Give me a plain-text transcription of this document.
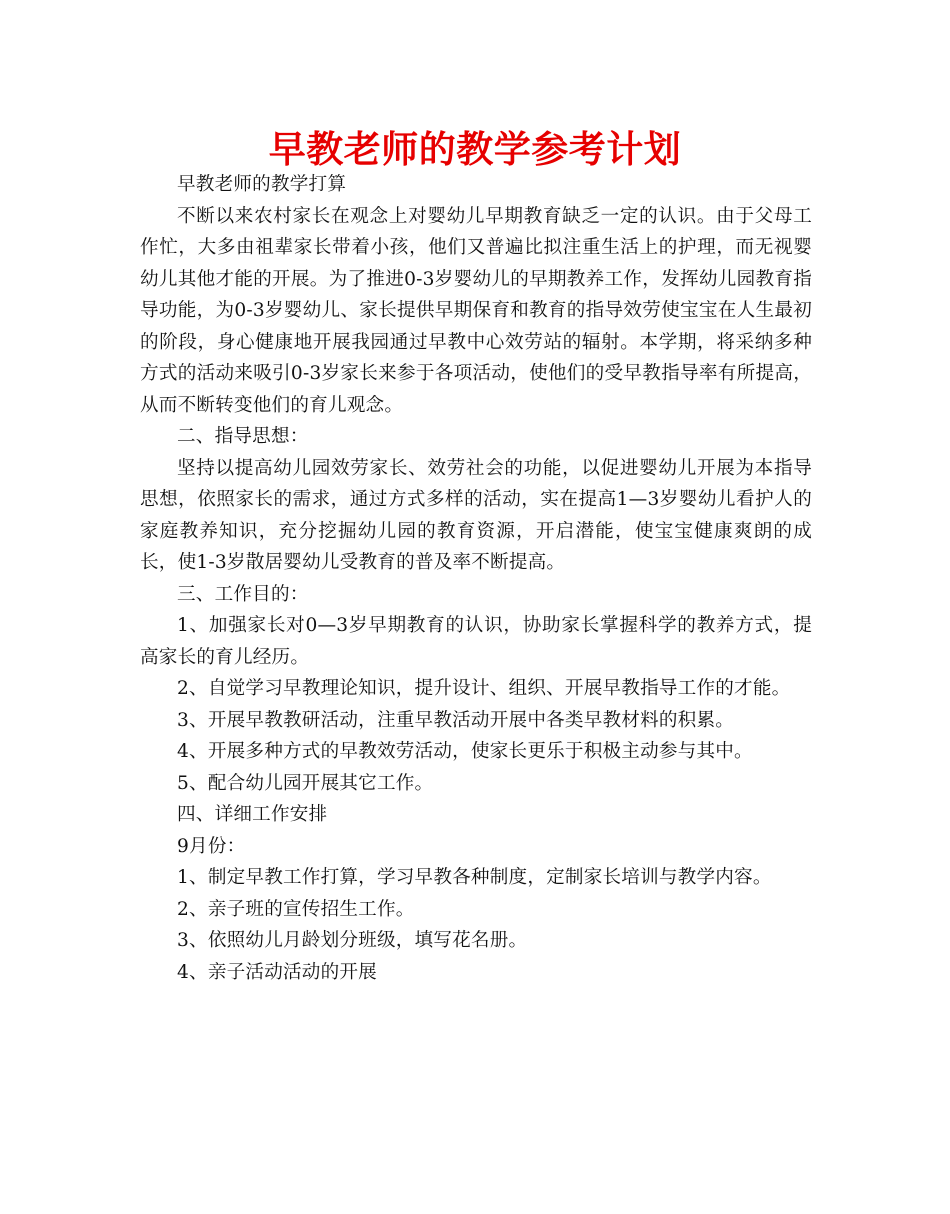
早教老师的教学参考计划

早教老师的教学打算

不断以来农村家长在观念上对婴幼儿早期教育缺乏一定的认识。由于父母工作忙，大多由祖辈家长带着小孩，他们又普遍比拟注重生活上的护理，而无视婴幼儿其他才能的开展。为了推进0-3岁婴幼儿的早期教养工作，发挥幼儿园教育指导功能，为0-3岁婴幼儿、家长提供早期保育和教育的指导效劳使宝宝在人生最初的阶段，身心健康地开展我园通过早教中心效劳站的辐射。本学期，将采纳多种方式的活动来吸引0-3岁家长来参于各项活动，使他们的受早教指导率有所提高，从而不断转变他们的育儿观念。

二、指导思想：

坚持以提高幼儿园效劳家长、效劳社会的功能，以促进婴幼儿开展为本指导思想，依照家长的需求，通过方式多样的活动，实在提高1—3岁婴幼儿看护人的家庭教养知识，充分挖掘幼儿园的教育资源，开启潜能，使宝宝健康爽朗的成长，使1-3岁散居婴幼儿受教育的普及率不断提高。

三、工作目的：

1、加强家长对0—3岁早期教育的认识，协助家长掌握科学的教养方式，提高家长的育儿经历。

2、自觉学习早教理论知识，提升设计、组织、开展早教指导工作的才能。

3、开展早教教研活动，注重早教活动开展中各类早教材料的积累。

4、开展多种方式的早教效劳活动，使家长更乐于积极主动参与其中。

5、配合幼儿园开展其它工作。

四、详细工作安排

9月份：

1、制定早教工作打算，学习早教各种制度，定制家长培训与教学内容。

2、亲子班的宣传招生工作。

3、依照幼儿月龄划分班级，填写花名册。

4、亲子活动活动的开展
